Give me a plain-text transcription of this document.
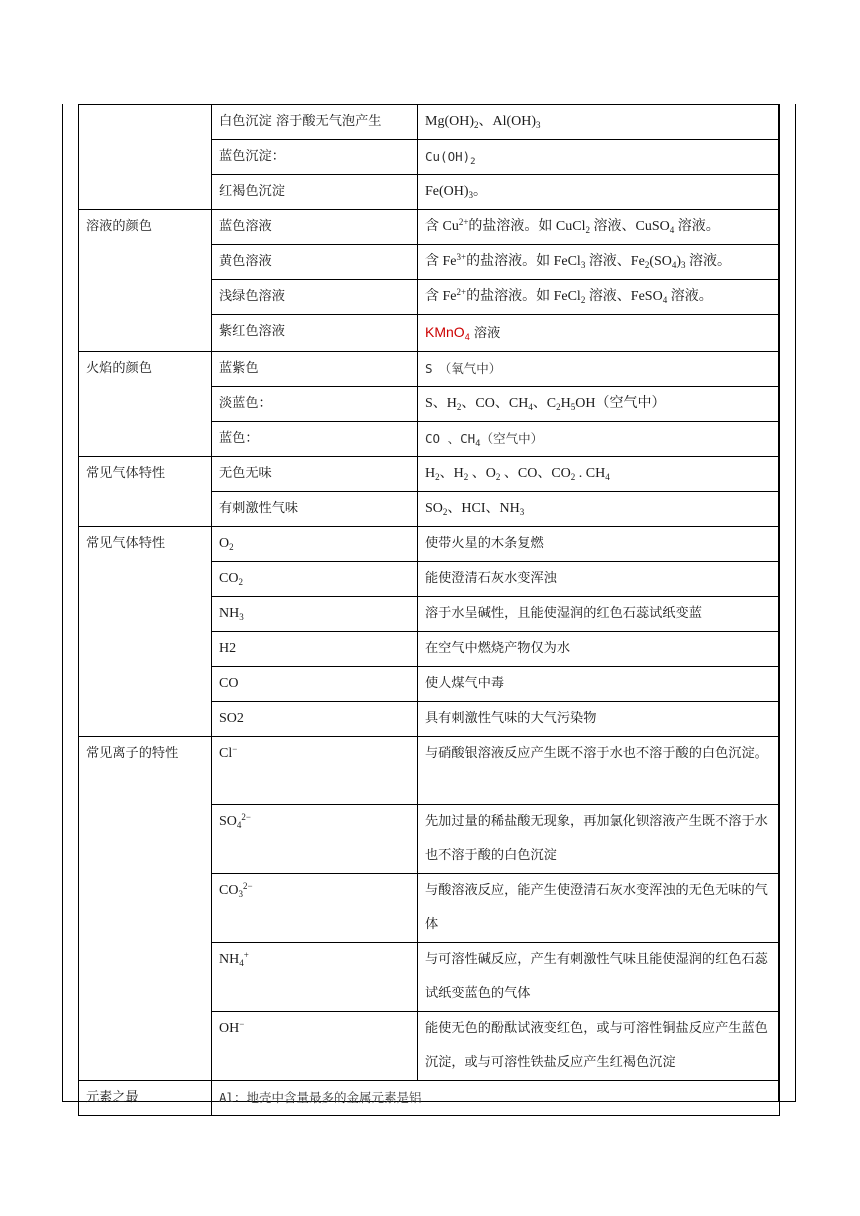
	白色沉淀 溶于酸无气泡产生	$Mg(OH)_2$、$Al(OH)_3$
	蓝色沉淀：	$Cu(OH)_2$
	红褐色沉淀	$Fe(OH)_3$。
溶液的颜色	蓝色溶液	含 $Cu^{2+}$的盐溶液。如 CuCl$_2$ 溶液、CuSO$_4$ 溶液。
	黄色溶液	含 $Fe^{3+}$的盐溶液。如 FeCl$_3$ 溶液、$Fe_2(SO_4)_3$ 溶液。
	浅绿色溶液	含 $Fe^{2+}$的盐溶液。如 FeCl$_2$ 溶液、FeSO$_4$ 溶液。
	紫红色溶液	KMnO$_4$ 溶液
火焰的颜色	蓝紫色	S　（氧气中）
	淡蓝色：	S、$H_2$、CO、$CH_4$、$C_2H_5OH$（空气中）
	蓝色：	CO 、$CH_4$（空气中）
常见气体特性	无色无味	$H_2$、$H_2$ 、$O_2$ 、CO、$CO_2$ . $CH_4$
	有刺激性气味	$SO_2$、HCI、$NH_3$
常见气体特性	$O_2$	使带火星的木条复燃
	$CO_2$	能使澄清石灰水变浑浊
	$NH_3$	溶于水呈碱性，且能使湿润的红色石蕊试纸变蓝
	H2	在空气中燃烧产物仅为水
	CO	使人煤气中毒
	SO2	具有刺激性气味的大气污染物
常见离子的特性	Cl−	与硝酸银溶液反应产生既不溶于水也不溶于酸的白色沉淀。
	$SO_4^{2-}$	先加过量的稀盐酸无现象，再加氯化钡溶液产生既不溶于水也不溶于酸的白色沉淀
	$CO_3^{2-}$	与酸溶液反应，能产生使澄清石灰水变浑浊的无色无味的气体
	$NH_4^+$	与可溶性碱反应，产生有刺激性气味且能使湿润的红色石蕊试纸变蓝色的气体
	OH−	能使无色的酚酞试液变红色，或与可溶性铜盐反应产生蓝色沉淀，或与可溶性铁盐反应产生红褐色沉淀
元素之最	Al：地壳中含量最多的金属元素是铝	
